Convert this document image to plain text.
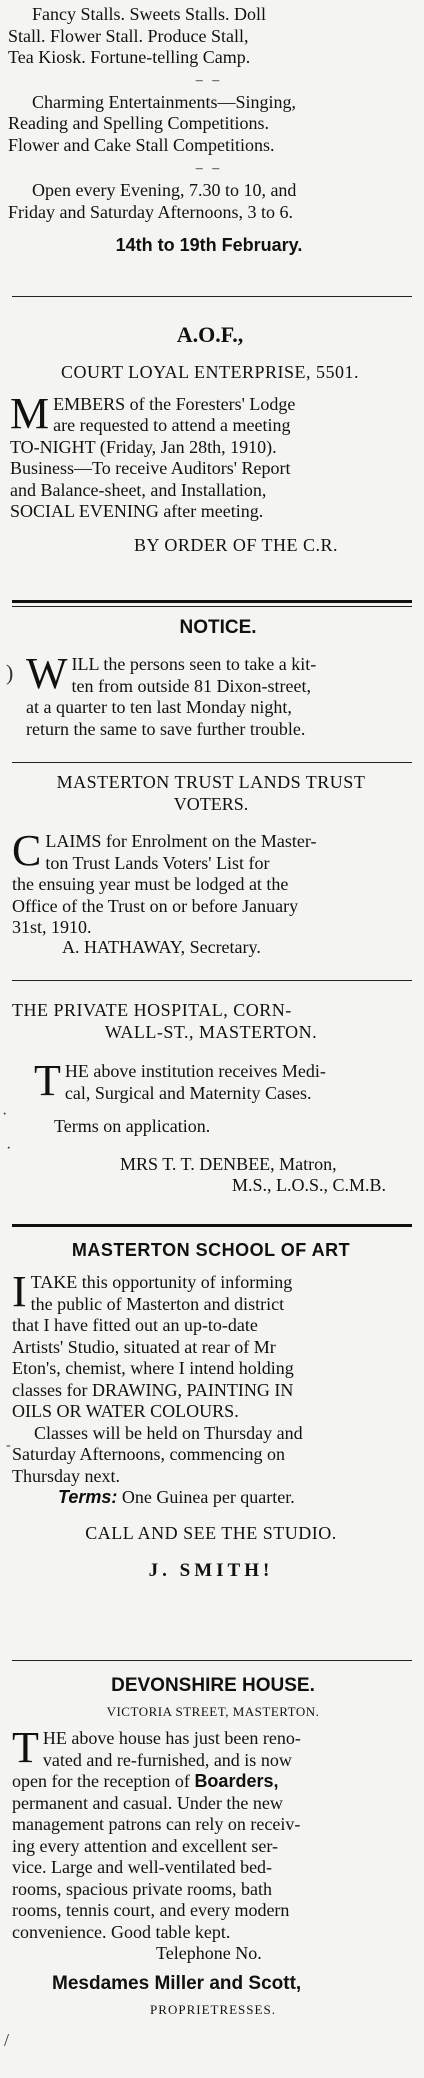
Fancy Stalls. Sweets Stalls. Doll

Stall. Flower Stall. Produce Stall,

Tea Kiosk. Fortune-telling Camp.

– –

Charming Entertainments—Singing,

Reading and Spelling Competitions.

Flower and Cake Stall Competitions.

– –

Open every Evening, 7.30 to 10, and

Friday and Saturday Afternoons, 3 to 6.

14th to 19th February.

A.O.F.,

COURT LOYAL ENTERPRISE, 5501.

M EMBERS of the Foresters' Lodge

are requested to attend a meeting

TO-NIGHT (Friday, Jan 28th, 1910).

Business—To receive Auditors' Report

and Balance-sheet, and Installation,

SOCIAL EVENING after meeting.

BY ORDER OF THE C.R.

NOTICE.

W ILL the persons seen to take a kit-

ten from outside 81 Dixon-street,

at a quarter to ten last Monday night,

return the same to save further trouble.

)

MASTERTON TRUST LANDS TRUST

VOTERS.

C LAIMS for Enrolment on the Master-

ton Trust Lands Voters' List for

the ensuing year must be lodged at the

Office of the Trust on or before January

31st, 1910.

A. HATHAWAY, Secretary.

THE PRIVATE HOSPITAL, CORN-

WALL-ST., MASTERTON.

T HE above institution receives Medi-

cal, Surgical and Maternity Cases.

Terms on application.

MRS T. T. DENBEE, Matron,

M.S., L.O.S., C.M.B.

·
·

MASTERTON SCHOOL OF ART

I TAKE this opportunity of informing

the public of Masterton and district

that I have fitted out an up-to-date

Artists' Studio, situated at rear of Mr

Eton's, chemist, where I intend holding

classes for DRAWING, PAINTING IN

OILS OR WATER COLOURS.

Classes will be held on Thursday and

Saturday Afternoons, commencing on

Thursday next.

Terms: One Guinea per quarter.

CALL AND SEE THE STUDIO.

J. SMITH!

-

DEVONSHIRE HOUSE.

VICTORIA STREET, MASTERTON.

T HE above house has just been reno-

vated and re-furnished, and is now

open for the reception of Boarders,

permanent and casual. Under the new

management patrons can rely on receiv-

ing every attention and excellent ser-

vice. Large and well-ventilated bed-

rooms, spacious private rooms, bath

rooms, tennis court, and every modern

convenience. Good table kept.

Telephone No.

Mesdames Miller and Scott,

PROPRIETRESSES.

/
